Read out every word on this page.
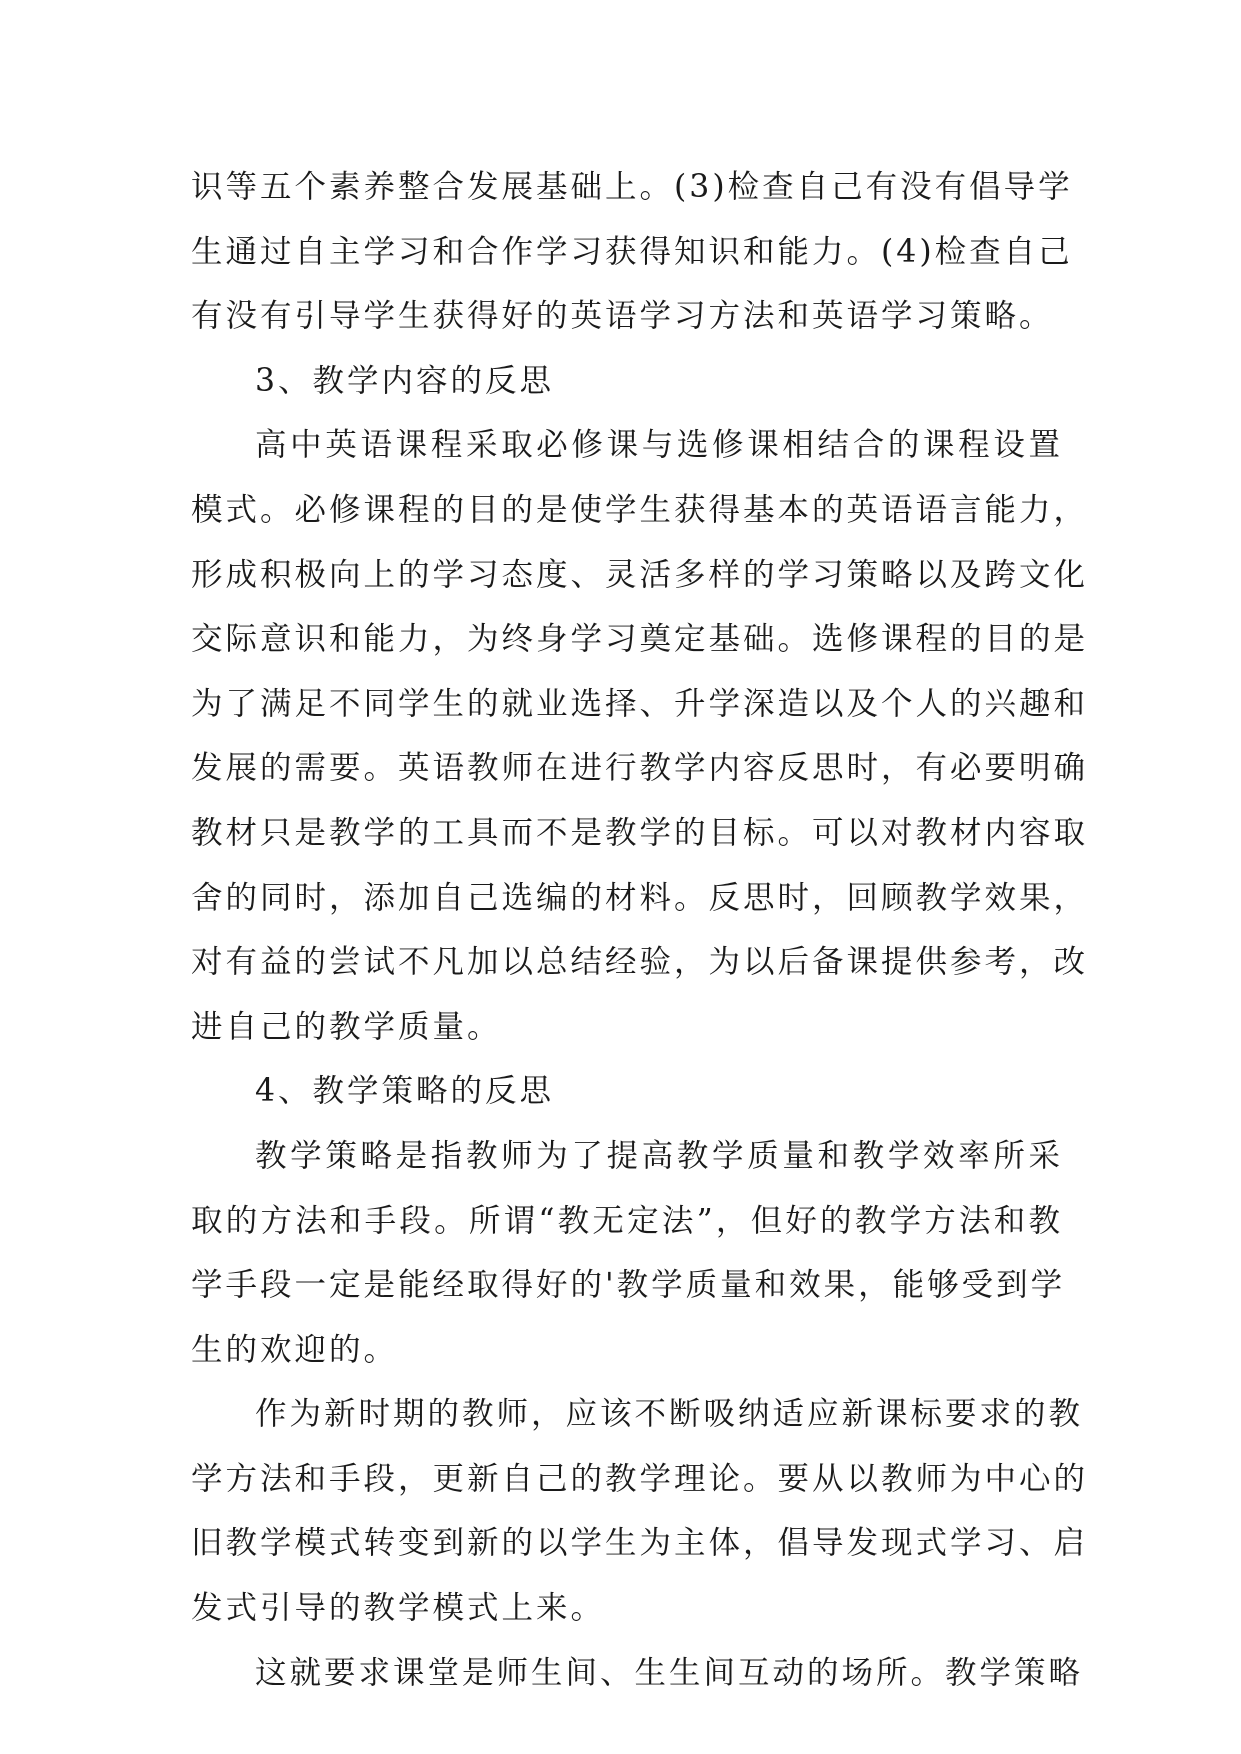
识等五个素养整合发展基础上。(3)检查自己有没有倡导学
生通过自主学习和合作学习获得知识和能力。(4)检查自己
有没有引导学生获得好的英语学习方法和英语学习策略。
3、教学内容的反思
高中英语课程采取必修课与选修课相结合的课程设置
模式。必修课程的目的是使学生获得基本的英语语言能力，
形成积极向上的学习态度、灵活多样的学习策略以及跨文化
交际意识和能力，为终身学习奠定基础。选修课程的目的是
为了满足不同学生的就业选择、升学深造以及个人的兴趣和
发展的需要。英语教师在进行教学内容反思时，有必要明确
教材只是教学的工具而不是教学的目标。可以对教材内容取
舍的同时，添加自己选编的材料。反思时，回顾教学效果，
对有益的尝试不凡加以总结经验，为以后备课提供参考，改
进自己的教学质量。
4、教学策略的反思
教学策略是指教师为了提高教学质量和教学效率所采
取的方法和手段。所谓“教无定法”，但好的教学方法和教
学手段一定是能经取得好的'教学质量和效果，能够受到学
生的欢迎的。
作为新时期的教师，应该不断吸纳适应新课标要求的教
学方法和手段，更新自己的教学理论。要从以教师为中心的
旧教学模式转变到新的以学生为主体，倡导发现式学习、启
发式引导的教学模式上来。
这就要求课堂是师生间、生生间互动的场所。教学策略
